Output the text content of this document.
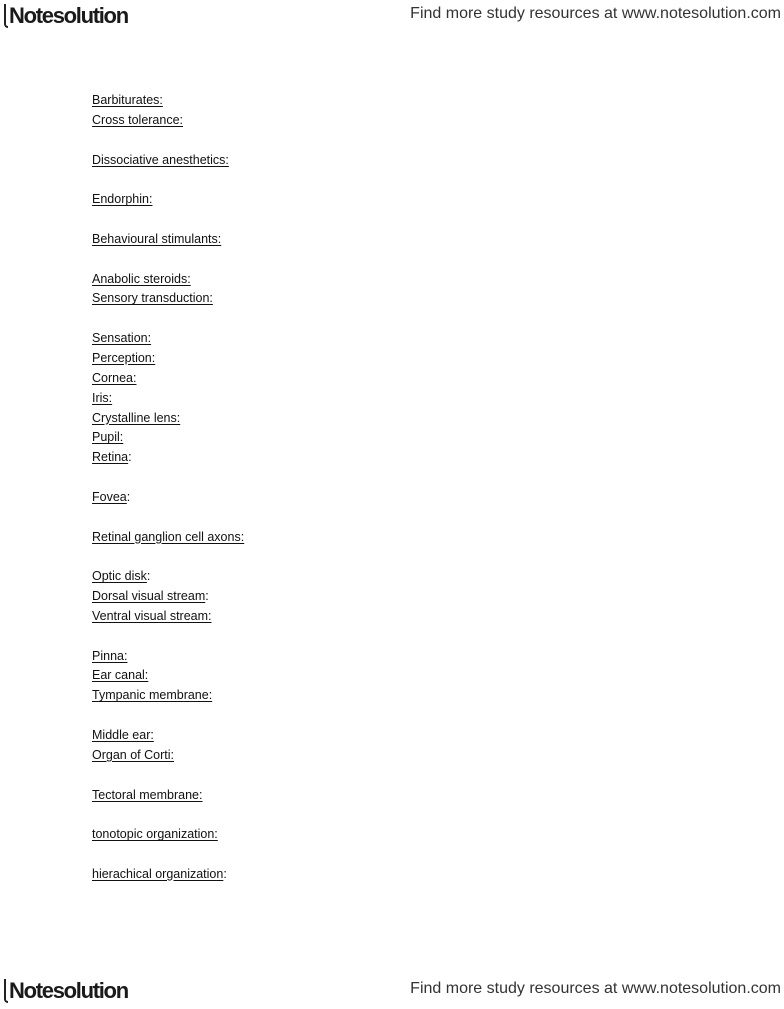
Notesolution	Find more study resources at www.notesolution.com
Barbiturates:
Cross tolerance:
Dissociative anesthetics:
Endorphin:
Behavioural stimulants:
Anabolic steroids:
Sensory transduction:
Sensation:
Perception:
Cornea:
Iris:
Crystalline lens:
Pupil:
Retina:
Fovea:
Retinal ganglion cell axons:
Optic disk:
Dorsal visual stream:
Ventral visual stream:
Pinna:
Ear canal:
Tympanic membrane:
Middle ear:
Organ of Corti:
Tectoral membrane:
tonotopic organization:
hierachical organization:
Notesolution	Find more study resources at www.notesolution.com
